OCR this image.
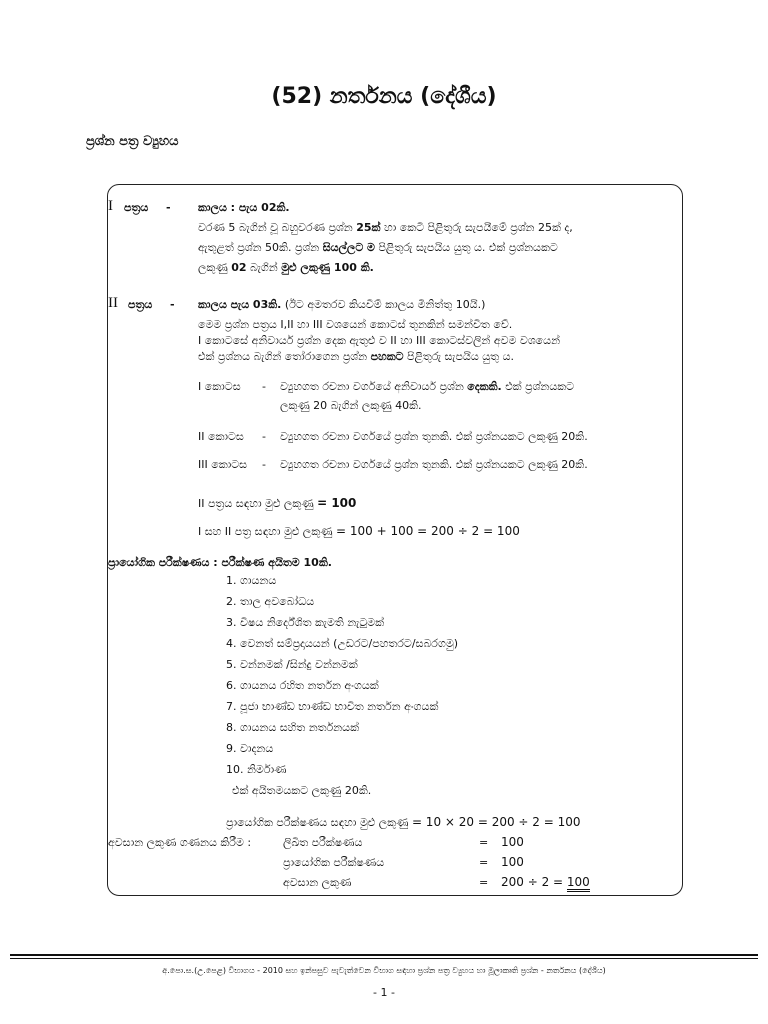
(52) නර්තනය (දේශීය)
ප්‍රශ්න පත්‍ර ව්‍යුහය
I පත්‍රය - කාලය : පැය 02කි.
වරණ 5 බැගින් වූ බහුවරණ ප්‍රශ්න 25ක් හා කෙටි පිළිතුරු සැපයීමේ ප්‍රශ්න 25ක් ද,
ඇතුළත් ප්‍රශ්න 50කි. ප්‍රශ්න සියල්ලට ම පිළිතුරු සැපයිය යුතු ය. එක් ප්‍රශ්නයකට
ලකුණු 02 බැගින් මුළු ලකුණු 100 කි.
II පත්‍රය - කාලය පැය 03කි. (ඊට අමතරව කියවීම් කාලය මිනිත්තු 10යි.)
මෙම ප්‍රශ්න පත්‍රය I,II හා III වශයෙන් කොටස් තුනකින් සමන්විත වේ.
I කොටසේ අනිවාර්ය ප්‍රශ්න දෙක ඇතුළු ව II හා III කොටස්වලින් අවම වශයෙන්
එක් ප්‍රශ්නය බැගින් තෝරාගෙන ප්‍රශ්න පහකට පිළිතුරු සැපයිය යුතු ය.
I කොටස - ව්‍යුහගත රචනා වර්ගයේ අනිවාර්ය ප්‍රශ්න දෙකකි. එක් ප්‍රශ්නයකට
ලකුණු 20 බැගින් ලකුණු 40කි.
II කොටස - ව්‍යුහගත රචනා වර්ගයේ ප්‍රශ්න තුනකි. එක් ප්‍රශ්නයකට ලකුණු 20කි.
III කොටස - ව්‍යුහගත රචනා වර්ගයේ ප්‍රශ්න තුනකි. එක් ප්‍රශ්නයකට ලකුණු 20කි.
II පත්‍රය සඳහා මුළු ලකුණු = 100
I සහ II පත්‍ර සඳහා මුළු ලකුණු = 100 + 100 = 200 ÷ 2 = 100
ප්‍රායෝගික පරීක්ෂණය : පරීක්ෂණ අයිතම 10කි.
1. ගායනය
2. තාල අවබෝධය
3. විෂය නිර්දේශිත කැමති නැටුමක්
4. වෙනත් සම්ප්‍රදායයන් (උඩරට/පහතරට/සබරගමු)
5. වන්නමක් /සින්දු වන්නමක්
6. ගායනය රහිත නර්තන අංගයක්
7. පූජා භාණ්ඩ භාණ්ඩ භාවිත නර්තන අංගයක්
8. ගායනය සහිත නර්තනයක්
9. වාදනය
10. නිර්මාණ
එක් අයිතමයකට ලකුණු 20කි.
ප්‍රායෝගික පරීක්ෂණය සඳහා මුළු ලකුණු = 10 × 20 = 200 ÷ 2 = 100
අවසාන ලකුණ ගණනය කිරීම :	ලිඛිත පරීක්ෂණය	= 100
ප්‍රායෝගික පරීක්ෂණය	= 100
අවසාන ලකුණ	= 200 ÷ 2 = 100
අ.පො.ස.(උ.පෙළ) විභාගය - 2010 සහ ඉන්පසුව පැවැත්වෙන විභාග සඳහා ප්‍රශ්න පත්‍ර ව්‍යුහය හා මූලාකෘති ප්‍රශ්න - නර්තනය (දේශීය)
- 1 -
